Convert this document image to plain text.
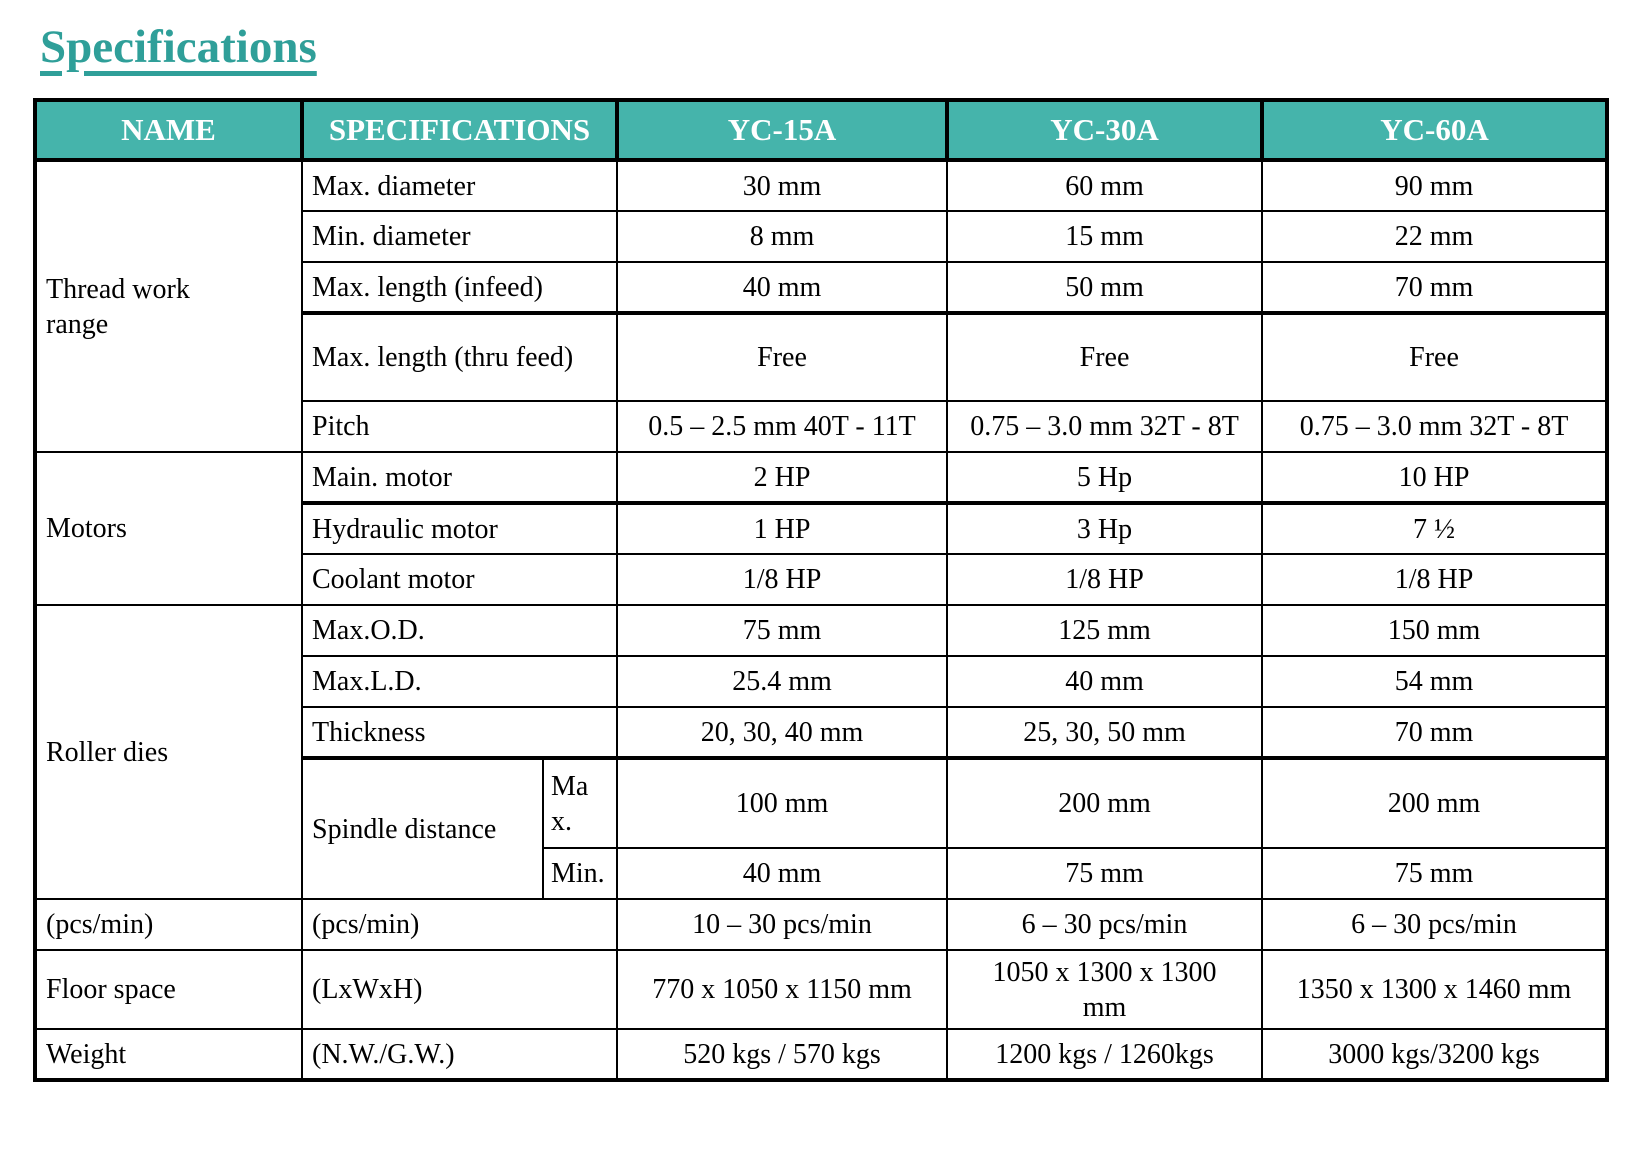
Specifications
NAME	SPECIFICATIONS		YC-15A	YC-30A	YC-60A
Thread work range	Max. diameter		30 mm	60 mm	90 mm
	Min. diameter		8 mm	15 mm	22 mm
	Max. length (infeed)		40 mm	50 mm	70 mm
	Max. length (thru feed)		Free	Free	Free
	Pitch		0.5 – 2.5 mm 40T - 11T	0.75 – 3.0 mm 32T - 8T	0.75 – 3.0 mm 32T - 8T
Motors	Main. motor		2 HP	5 Hp	10 HP
	Hydraulic motor		1 HP	3 Hp	7 ½
	Coolant motor		1/8 HP	1/8 HP	1/8 HP
Roller dies	Max.O.D.		75 mm	125 mm	150 mm
	Max.L.D.		25.4 mm	40 mm	54 mm
	Thickness		20, 30, 40 mm	25, 30, 50 mm	70 mm
	Spindle distance	Max.	100 mm	200 mm	200 mm
		Min.	40 mm	75 mm	75 mm
(pcs/min)	(pcs/min)		10 – 30 pcs/min	6 – 30 pcs/min	6 – 30 pcs/min
Floor space	(LxWxH)		770 x 1050 x 1150 mm	1050 x 1300 x 1300 mm	1350 x 1300 x 1460 mm
Weight	(N.W./G.W.)		520 kgs / 570 kgs	1200 kgs / 1260kgs	3000 kgs/3200 kgs
